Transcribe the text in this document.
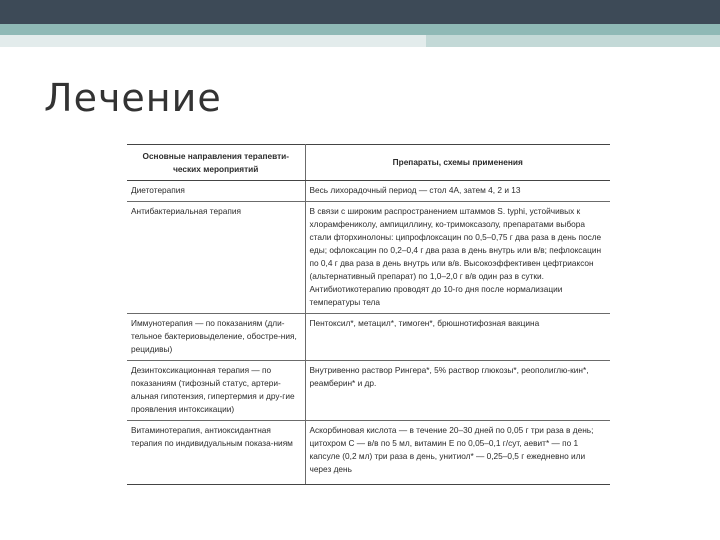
Лечение
Основные направления терапевти-ческих мероприятий	Препараты, схемы применения
Диетотерапия	Весь лихорадочный период — стол 4А, затем 4, 2 и 13
Антибактериальная терапия	В связи с широким распространением штаммов S. typhi, устойчивых к хлорамфениколу, ампициллину, ко-тримоксазолу, препаратами выбора стали фторхинолоны: ципрофлоксацин по 0,5–0,75 г два раза в день после еды; офлоксацин по 0,2–0,4 г два раза в день внутрь или в/в; пефлоксацин по 0,4 г два раза в день внутрь или в/в. Высокоэффективен цефтриаксон (альтернативный препарат) по 1,0–2,0 г в/в один раз в сутки. Антибиотикотерапию проводят до 10-го дня после нормализации температуры тела
Иммунотерапия — по показаниям (дли-тельное бактериовыделение, обостре-ния, рецидивы)	Пентоксил*, метацил*, тимоген*, брюшнотифозная вакцина
Дезинтоксикационная терапия — по показаниям (тифозный статус, артери-альная гипотензия, гипертермия и дру-гие проявления интоксикации)	Внутривенно раствор Рингера*, 5% раствор глюкозы*, реополиглю-кин*, реамберин* и др.
Витаминотерапия, антиоксидантная терапия по индивидуальным показа-ниям	Аскорбиновая кислота — в течение 20–30 дней по 0,05 г три раза в день; цитохром С — в/в по 5 мл, витамин Е по 0,05–0,1 г/сут, аевит* — по 1 капсуле (0,2 мл) три раза в день, унитиол* — 0,25–0,5 г ежедневно или через день
